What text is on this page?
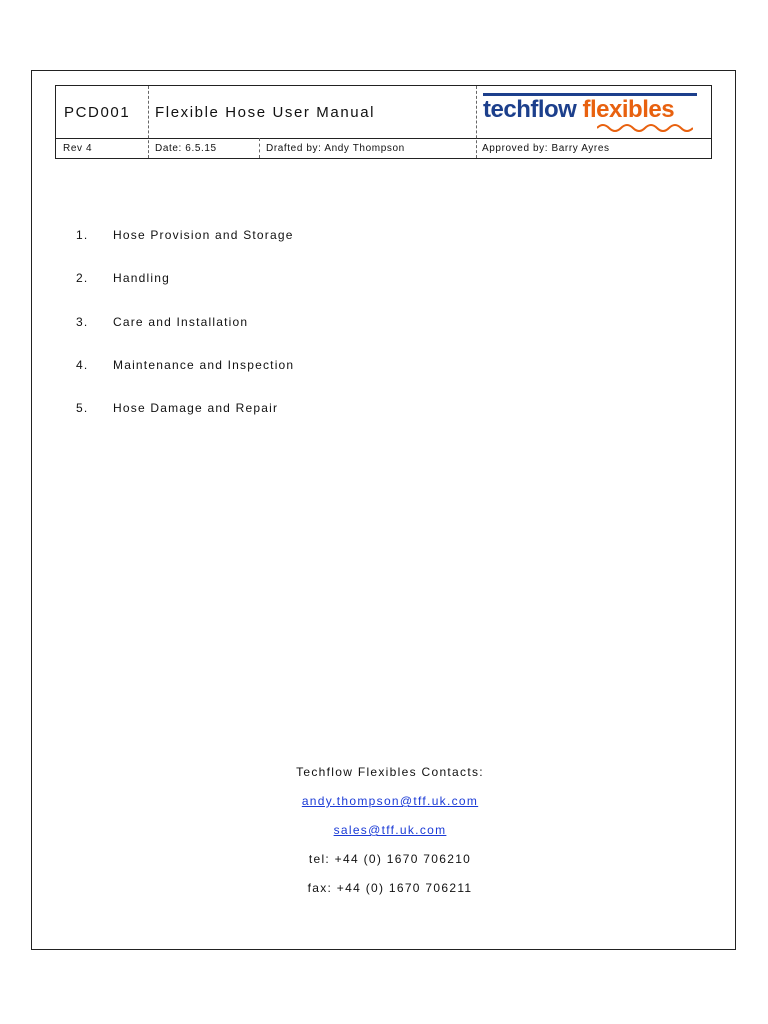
PCD001 Flexible Hose User Manual	techflow flexibles
Rev 4	Date: 6.5.15	Drafted by: Andy Thompson	Approved by: Barry Ayres
1.	Hose Provision and Storage
2.	Handling
3.	Care and Installation
4.	Maintenance and Inspection
5.	Hose Damage and Repair
Techflow Flexibles Contacts:
andy.thompson@tff.uk.com
sales@tff.uk.com
tel: +44 (0) 1670 706210
fax: +44 (0) 1670 706211
